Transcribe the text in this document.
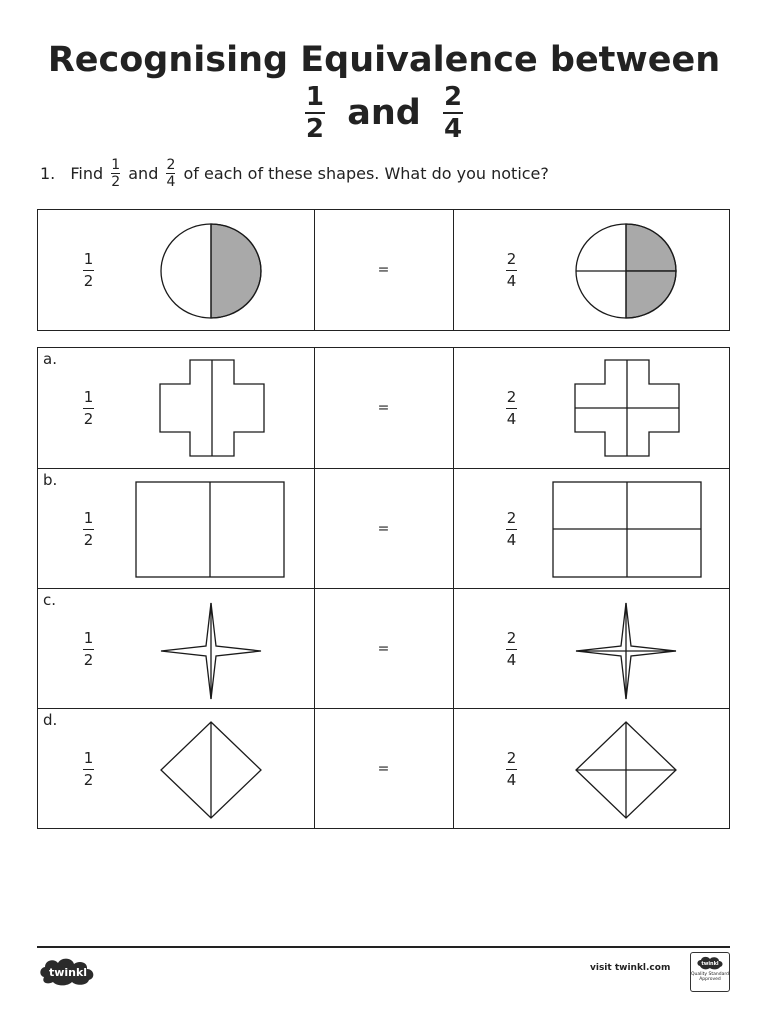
Recognising Equivalence between
$\frac{1}{2}$ and $\frac{2}{4}$
1. Find $\frac{1}{2}$ and $\frac{2}{4}$ of each of these shapes. What do you notice?
1
2
=
2
4
a.
1
2
=
2
4
b.
1
2
=
2
4
c.
1
2
=
2
4
d.
1
2
=
2
4
twinkl	visit twinkl.com	twinkl
Quality Standard Approved
